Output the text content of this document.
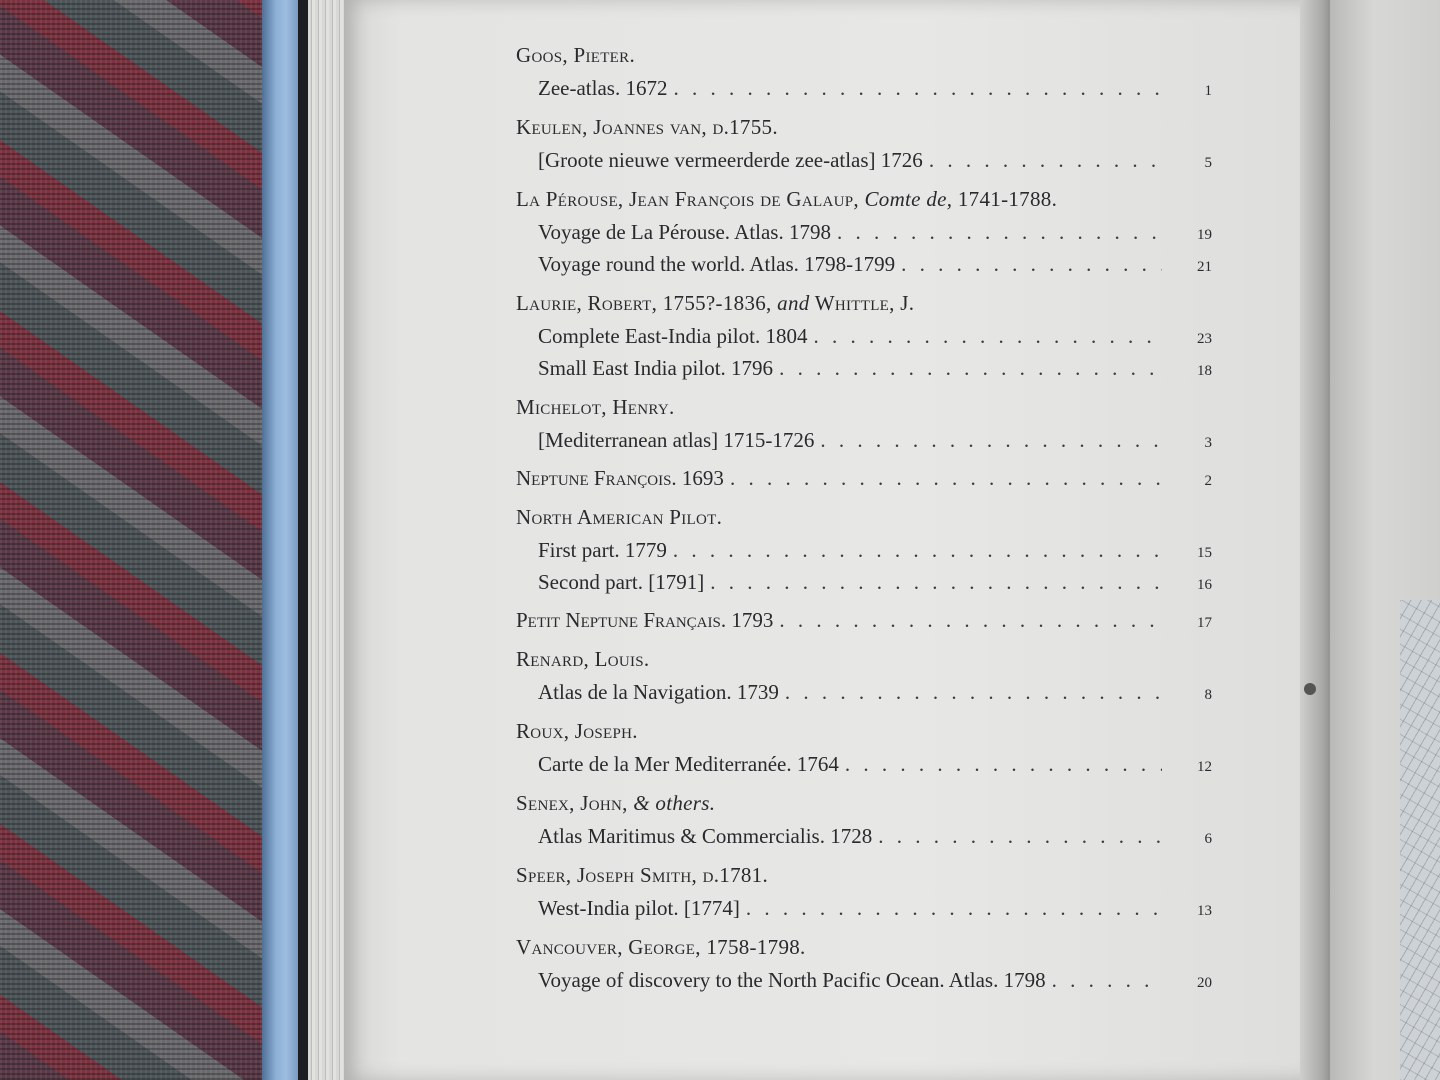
Goos, Pieter.
Zee-atlas. 1672 . . .	1
Keulen, Joannes van, d.1755.
[Groote nieuwe vermeerderde zee-atlas] 1726 . . .	5
La Pérouse, Jean François de Galaup, Comte de, 1741-1788.
Voyage de La Pérouse. Atlas. 1798 . . .	19
Voyage round the world. Atlas. 1798-1799 . . .	21
Laurie, Robert, 1755?-1836, and Whittle, J.
Complete East-India pilot. 1804 . . .	23
Small East India pilot. 1796 . . .	18
Michelot, Henry.
[Mediterranean atlas] 1715-1726 . . .	3
Neptune François. 1693 . . .	2
North American Pilot.
First part. 1779 . . .	15
Second part. [1791] . . .	16
Petit Neptune Français. 1793 . . .	17
Renard, Louis.
Atlas de la Navigation. 1739 . . .	8
Roux, Joseph.
Carte de la Mer Mediterranée. 1764 . . .	12
Senex, John, & others.
Atlas Maritimus & Commercialis. 1728 . . .	6
Speer, Joseph Smith, d.1781.
West-India pilot. [1774] . . .	13
Vancouver, George, 1758-1798.
Voyage of discovery to the North Pacific Ocean. Atlas. 1798 . . .	20
